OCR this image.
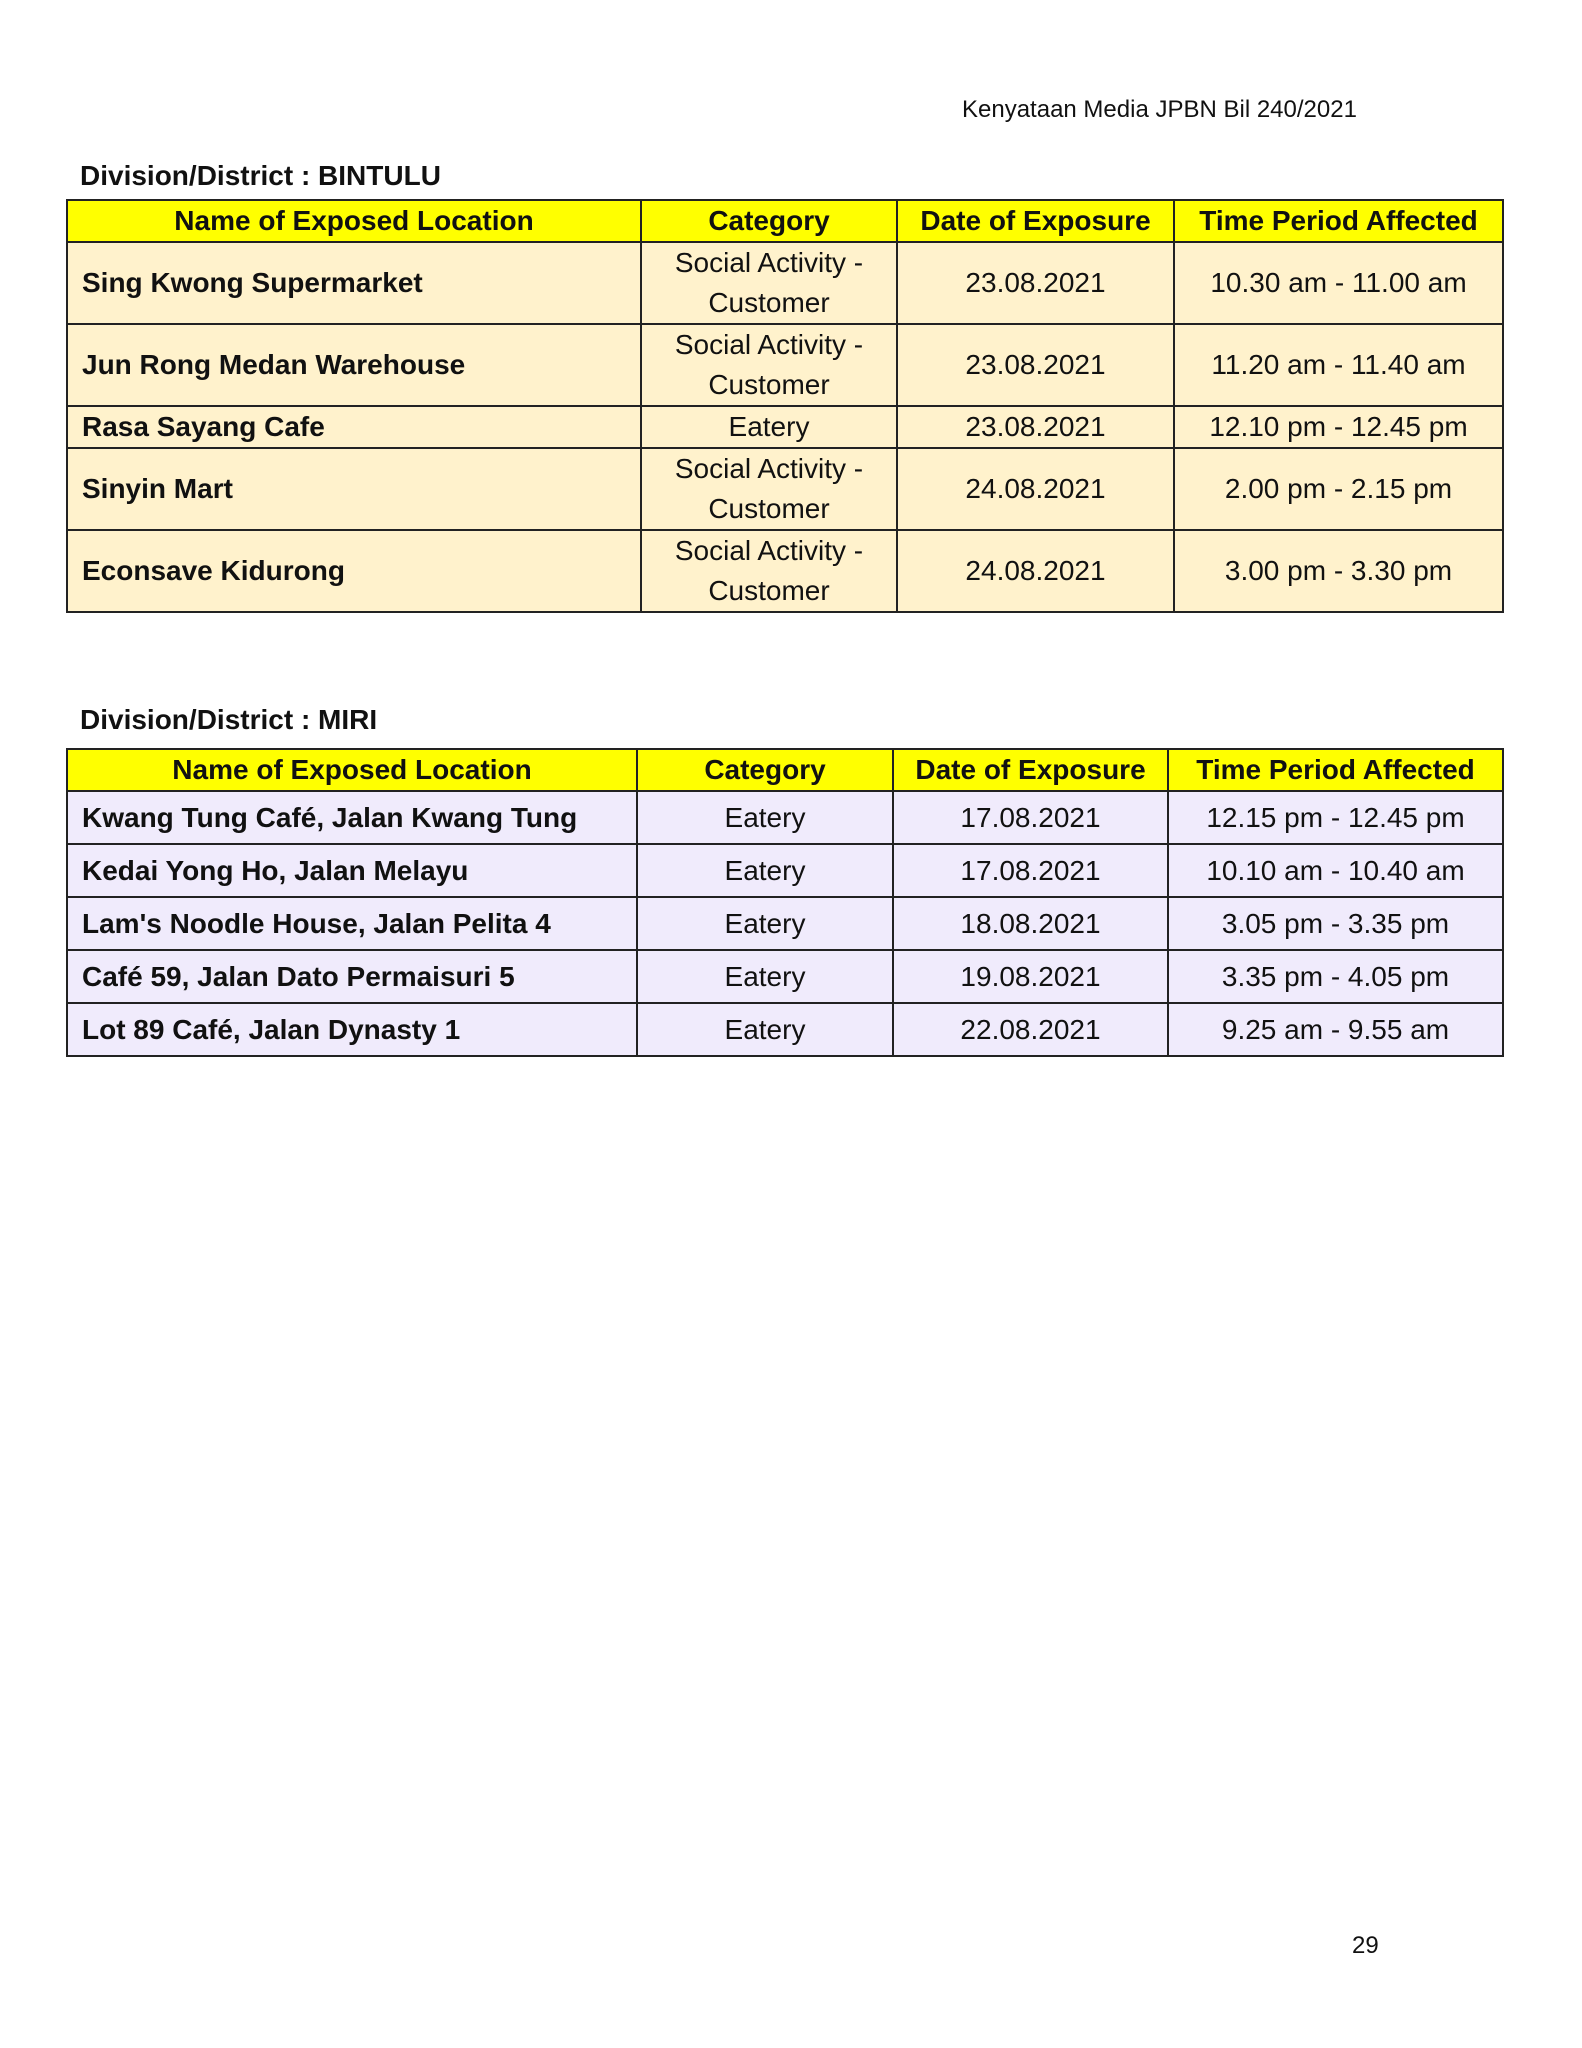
Kenyataan Media JPBN Bil 240/2021
Division/District : BINTULU
Name of Exposed Location	Category	Date of Exposure	Time Period Affected
Sing Kwong Supermarket	Social Activity - Customer	23.08.2021	10.30 am - 11.00 am
Jun Rong Medan Warehouse	Social Activity - Customer	23.08.2021	11.20 am - 11.40 am
Rasa Sayang Cafe	Eatery	23.08.2021	12.10 pm - 12.45 pm
Sinyin Mart	Social Activity - Customer	24.08.2021	2.00 pm - 2.15 pm
Econsave Kidurong	Social Activity - Customer	24.08.2021	3.00 pm - 3.30 pm
Division/District : MIRI
Name of Exposed Location	Category	Date of Exposure	Time Period Affected
Kwang Tung Café, Jalan Kwang Tung	Eatery	17.08.2021	12.15 pm - 12.45 pm
Kedai Yong Ho, Jalan Melayu	Eatery	17.08.2021	10.10 am - 10.40 am
Lam's Noodle House, Jalan Pelita 4	Eatery	18.08.2021	3.05 pm - 3.35 pm
Café 59, Jalan Dato Permaisuri 5	Eatery	19.08.2021	3.35 pm - 4.05 pm
Lot 89 Café, Jalan Dynasty 1	Eatery	22.08.2021	9.25 am - 9.55 am
29
